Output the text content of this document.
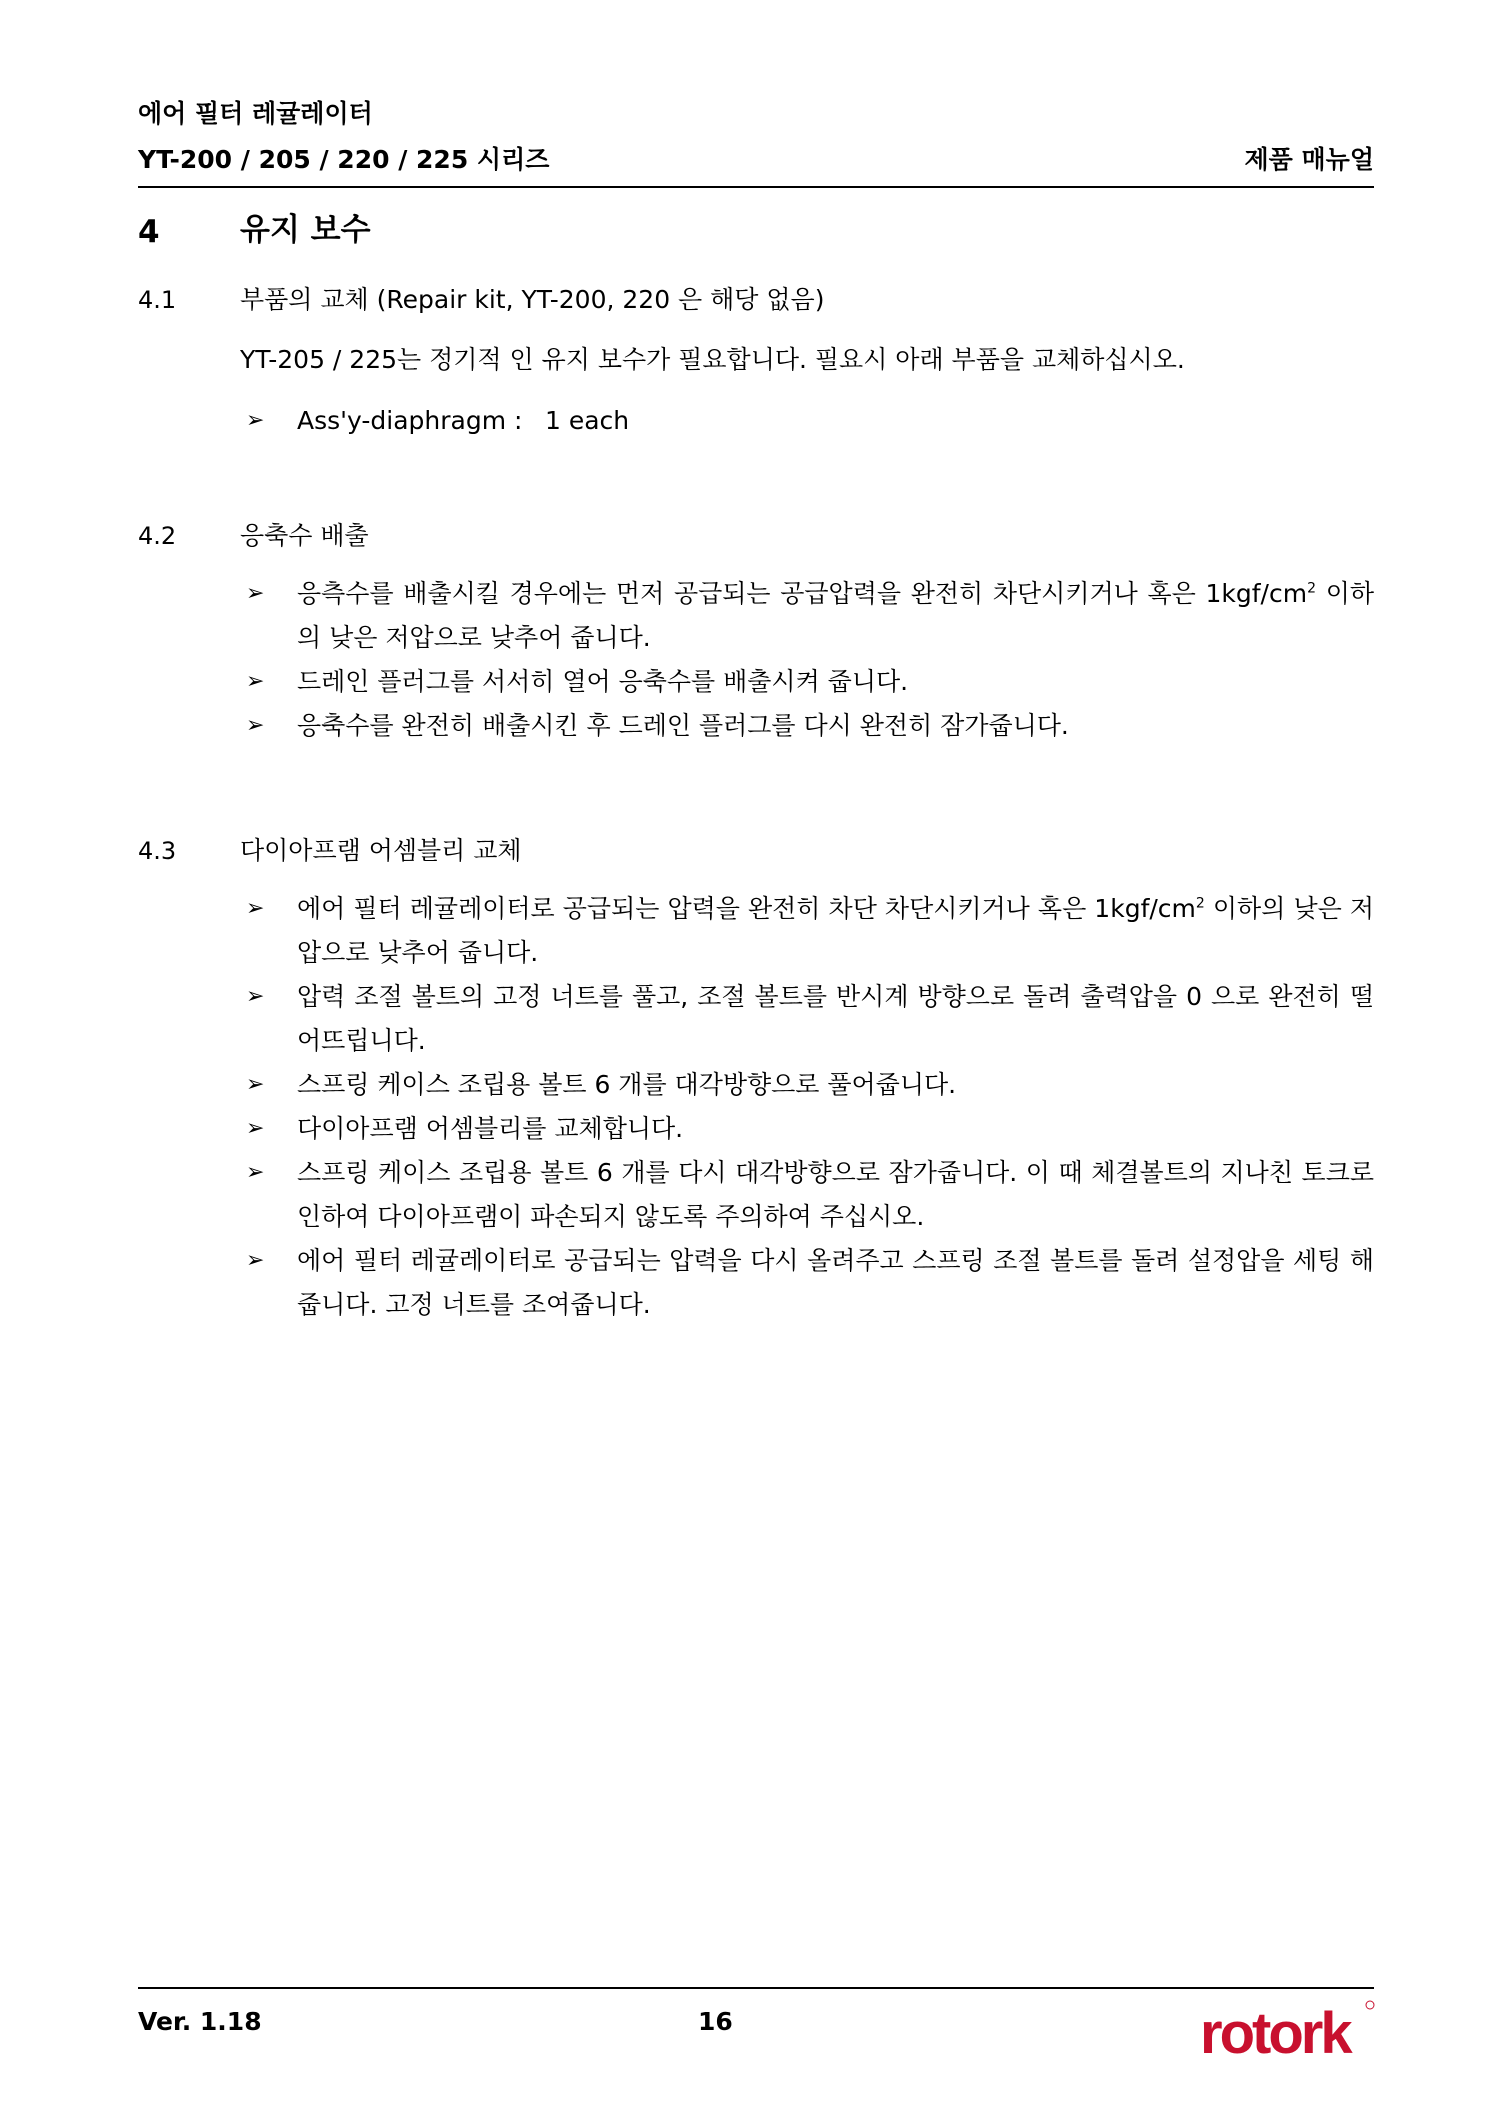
에어 필터 레귤레이터
YT-200 / 205 / 220 / 225 시리즈	제품 매뉴얼
4	유지 보수
4.1	부품의 교체 (Repair kit, YT-200, 220 은 해당 없음)
YT-205 / 225는 정기적 인 유지 보수가 필요합니다. 필요시 아래 부품을 교체하십시오.
➢ Ass'y-diaphragm : 1 each
4.2	응축수 배출
➢ 응측수를 배출시킬 경우에는 먼저 공급되는 공급압력을 완전히 차단시키거나 혹은 $1kgf/cm^2$ 이하의 낮은 저압으로 낮추어 줍니다.
➢ 드레인 플러그를 서서히 열어 응축수를 배출시켜 줍니다.
➢ 응축수를 완전히 배출시킨 후 드레인 플러그를 다시 완전히 잠가줍니다.
4.3	다이아프램 어셈블리 교체
➢ 에어 필터 레귤레이터로 공급되는 압력을 완전히 차단 차단시키거나 혹은 $1kgf/cm^2$ 이하의 낮은 저압으로 낮추어 줍니다.
➢ 압력 조절 볼트의 고정 너트를 풀고, 조절 볼트를 반시계 방향으로 돌려 출력압을 0 으로 완전히 떨어뜨립니다.
➢ 스프링 케이스 조립용 볼트 6 개를 대각방향으로 풀어줍니다.
➢ 다이아프램 어셈블리를 교체합니다.
➢ 스프링 케이스 조립용 볼트 6 개를 다시 대각방향으로 잠가줍니다. 이 때 체결볼트의 지나친 토크로 인하여 다이아프램이 파손되지 않도록 주의하여 주십시오.
➢ 에어 필터 레귤레이터로 공급되는 압력을 다시 올려주고 스프링 조절 볼트를 돌려 설정압을 세팅 해줍니다. 고정 너트를 조여줍니다.
Ver. 1.18	16	rotork
